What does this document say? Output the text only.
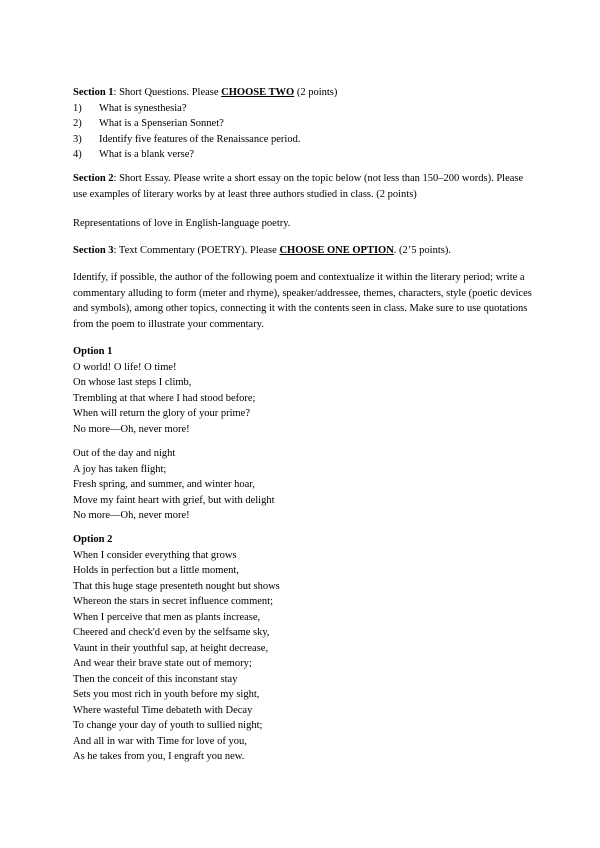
Section 1: Short Questions. Please CHOOSE TWO (2 points)

1)	What is synesthesia?
2)	What is a Spenserian Sonnet?
3)	Identify five features of the Renaissance period.
4)	What is a blank verse?

Section 2: Short Essay. Please write a short essay on the topic below (not less than 150–200 words). Please use examples of literary works by at least three authors studied in class. (2 points)

Representations of love in English-language poetry.

Section 3: Text Commentary (POETRY). Please CHOOSE ONE OPTION. (2’5 points).

Identify, if possible, the author of the following poem and contextualize it within the literary period; write a commentary alluding to form (meter and rhyme), speaker/addressee, themes, characters, style (poetic devices and symbols), among other topics, connecting it with the contents seen in class. Make sure to use quotations from the poem to illustrate your commentary.

Option 1
O world! O life! O time!
On whose last steps I climb,
Trembling at that where I had stood before;
When will return the glory of your prime?
No more—Oh, never more!
Out of the day and night
A joy has taken flight;
Fresh spring, and summer, and winter hoar,
Move my faint heart with grief, but with delight
No more—Oh, never more!
Option 2
When I consider everything that grows
Holds in perfection but a little moment,
That this huge stage presenteth nought but shows
Whereon the stars in secret influence comment;
When I perceive that men as plants increase,
Cheered and check'd even by the selfsame sky,
Vaunt in their youthful sap, at height decrease,
And wear their brave state out of memory;
Then the conceit of this inconstant stay
Sets you most rich in youth before my sight,
Where wasteful Time debateth with Decay
To change your day of youth to sullied night;
And all in war with Time for love of you,
As he takes from you, I engraft you new.
